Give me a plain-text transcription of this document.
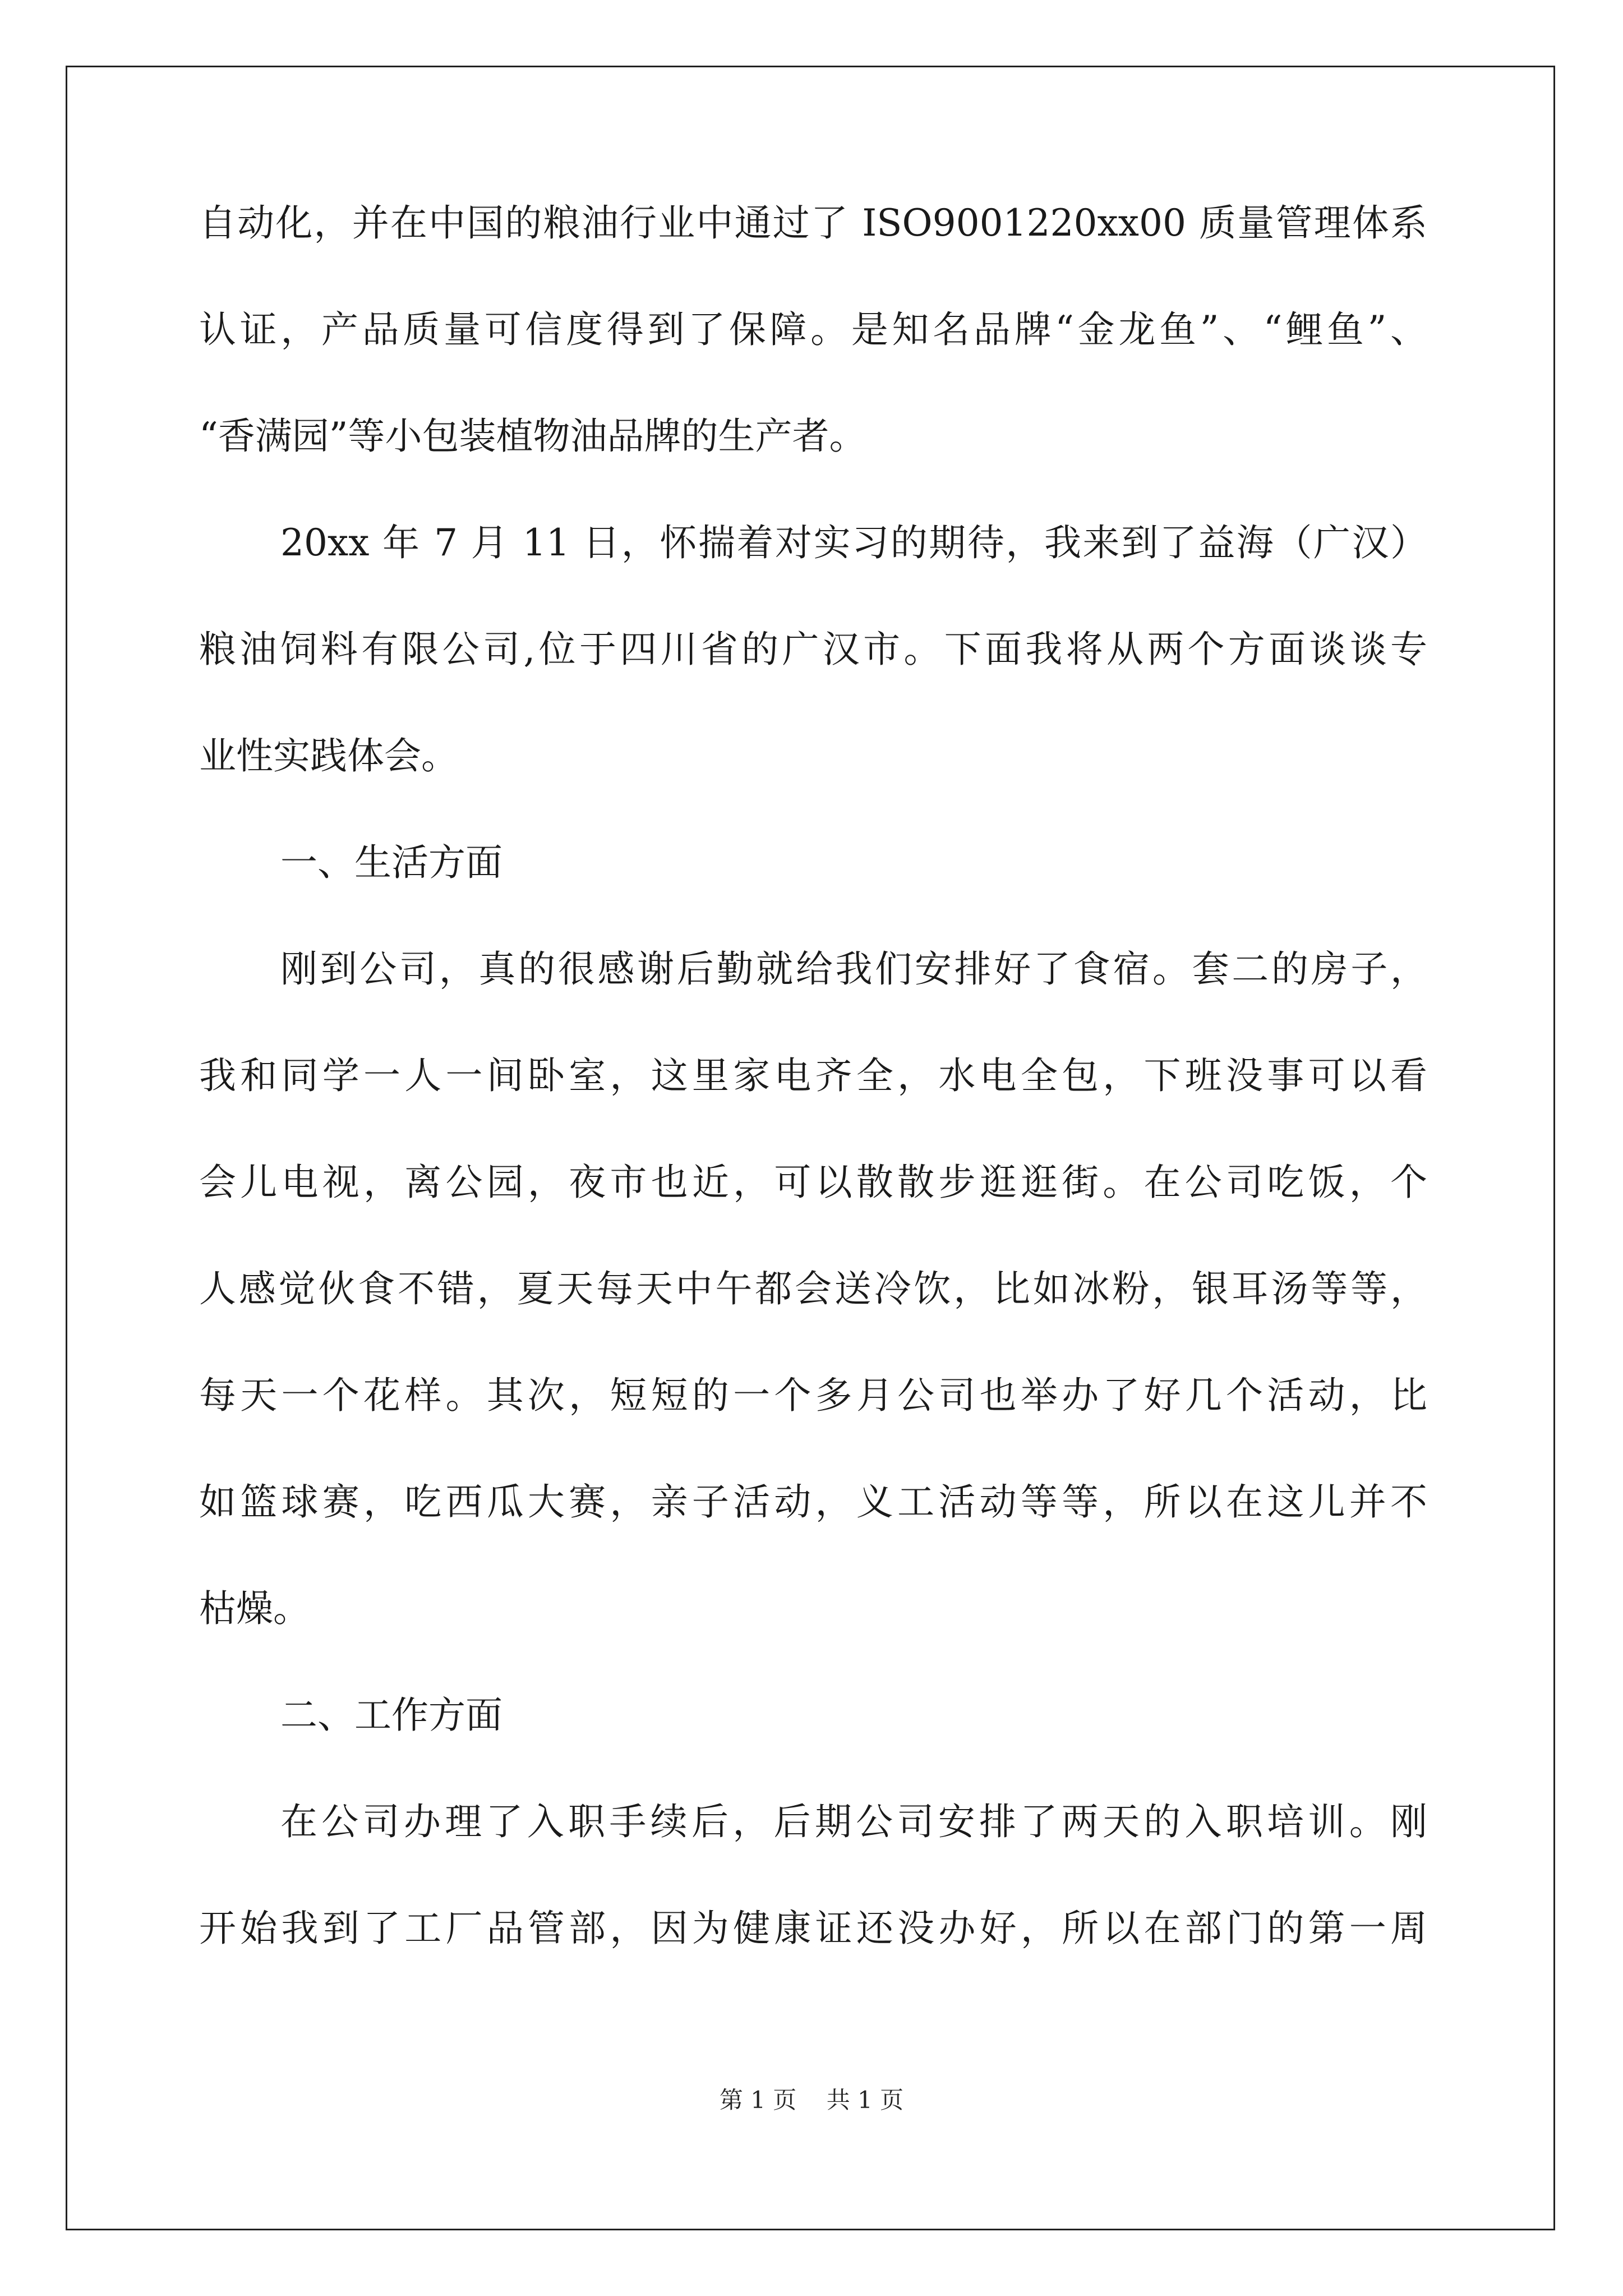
自动化，并在中国的粮油行业中通过了 ISO9001220xx00 质量管理体系
认证，产品质量可信度得到了保障。是知名品牌“金龙鱼”、“鲤鱼”、
“香满园”等小包装植物油品牌的生产者。
20xx 年 7 月 11 日，怀揣着对实习的期待，我来到了益海（广汉）
粮油饲料有限公司,位于四川省的广汉市。下面我将从两个方面谈谈专
业性实践体会。
一、生活方面
刚到公司，真的很感谢后勤就给我们安排好了食宿。套二的房子，
我和同学一人一间卧室，这里家电齐全，水电全包，下班没事可以看
会儿电视，离公园，夜市也近，可以散散步逛逛街。在公司吃饭，个
人感觉伙食不错，夏天每天中午都会送冷饮，比如冰粉，银耳汤等等，
每天一个花样。其次，短短的一个多月公司也举办了好几个活动，比
如篮球赛，吃西瓜大赛，亲子活动，义工活动等等，所以在这儿并不
枯燥。
二、工作方面
在公司办理了入职手续后，后期公司安排了两天的入职培训。刚
开始我到了工厂品管部，因为健康证还没办好，所以在部门的第一周
第 1 页    共 1 页
